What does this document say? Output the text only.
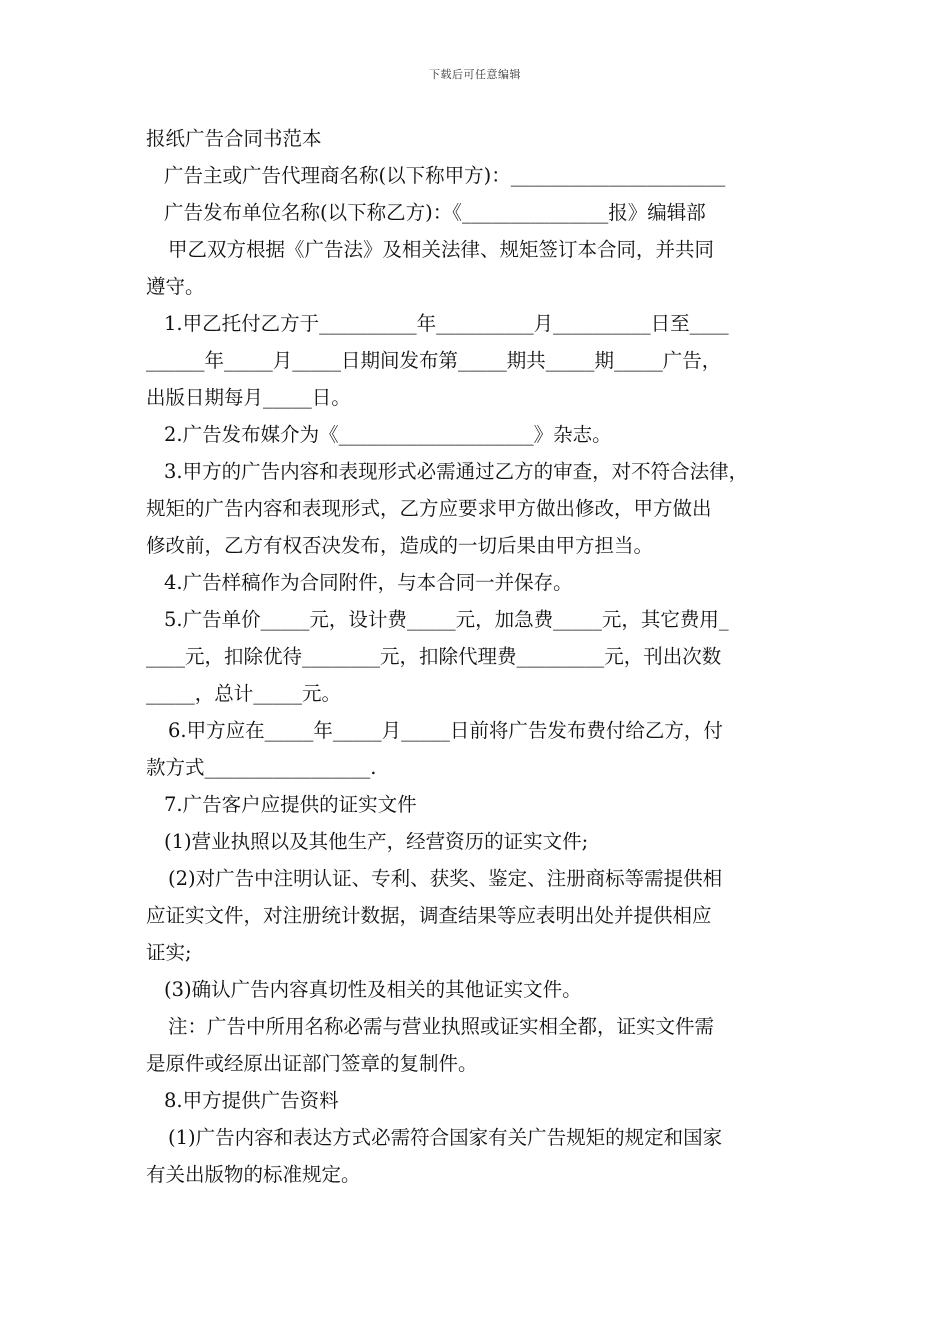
下载后可任意编辑
报纸广告合同书范本
广告主或广告代理商名称(以下称甲方)：______________________
广告发布单位名称(以下称乙方)：《_______________报》编辑部
甲乙双方根据《广告法》及相关法律、规矩签订本合同，并共同
遵守。
1.甲乙托付乙方于__________年__________月__________日至____
______年_____月_____日期间发布第_____期共_____期_____广告，
出版日期每月_____日。
2.广告发布媒介为《____________________》杂志。
3.甲方的广告内容和表现形式必需通过乙方的审查，对不符合法律，
规矩的广告内容和表现形式，乙方应要求甲方做出修改，甲方做出
修改前，乙方有权否决发布，造成的一切后果由甲方担当。
4.广告样稿作为合同附件，与本合同一并保存。
5.广告单价_____元，设计费_____元，加急费_____元，其它费用_
____元，扣除优待________元，扣除代理费_________元，刊出次数
_____，总计_____元。
6.甲方应在_____年_____月_____日前将广告发布费付给乙方，付
款方式_________________.
7.广告客户应提供的证实文件
(1)营业执照以及其他生产，经营资历的证实文件;
(2)对广告中注明认证、专利、获奖、鉴定、注册商标等需提供相
应证实文件，对注册统计数据，调查结果等应表明出处并提供相应
证实;
(3)确认广告内容真切性及相关的其他证实文件。
注：广告中所用名称必需与营业执照或证实相全都，证实文件需
是原件或经原出证部门签章的复制件。
8.甲方提供广告资料
(1)广告内容和表达方式必需符合国家有关广告规矩的规定和国家
有关出版物的标准规定。
